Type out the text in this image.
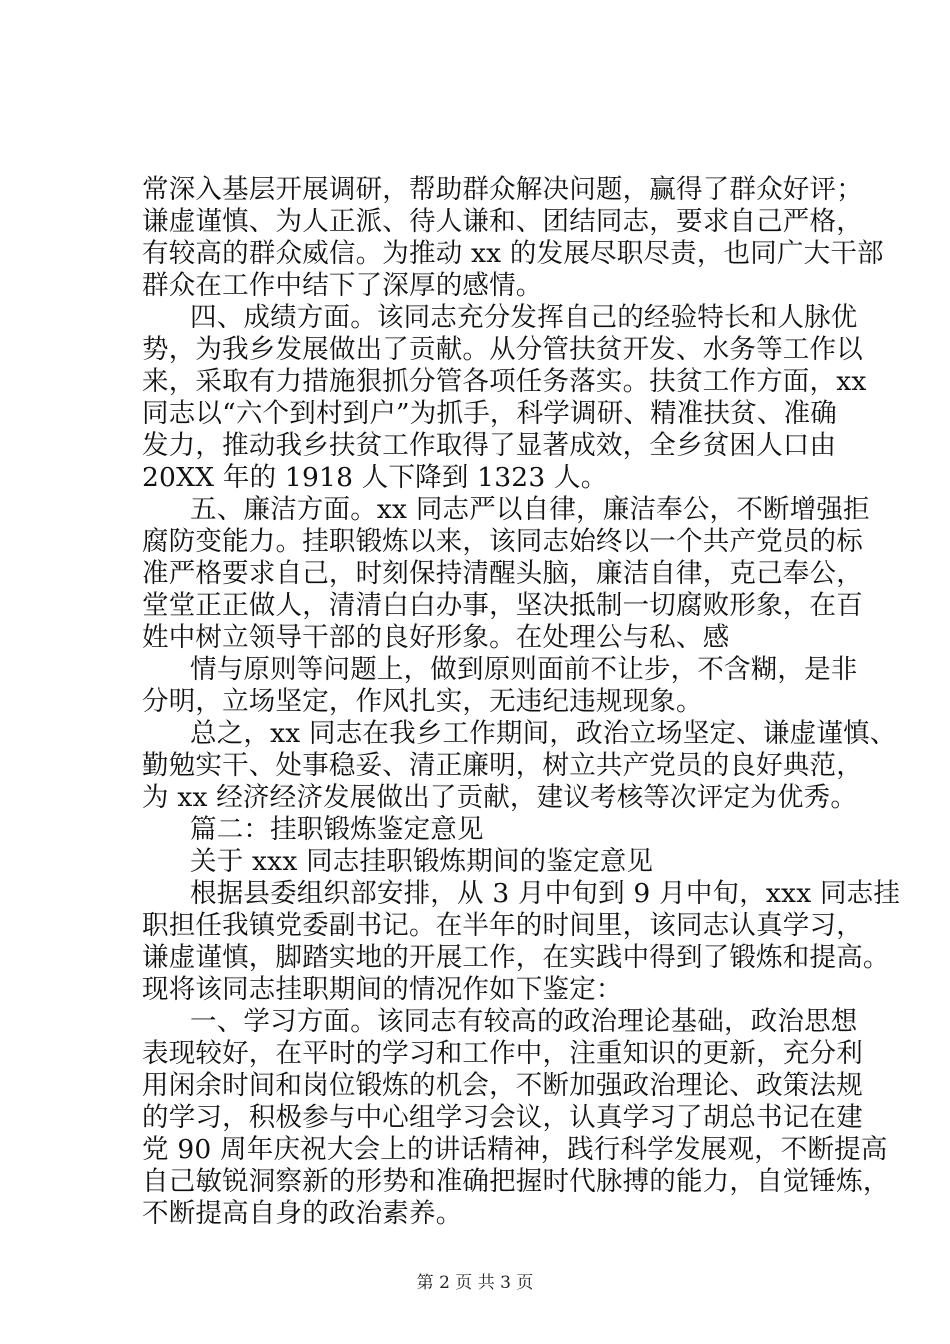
常深入基层开展调研，帮助群众解决问题，赢得了群众好评；
谦虚谨慎、为人正派、待人谦和、团结同志，要求自己严格，
有较高的群众威信。为推动 xx 的发展尽职尽责，也同广大干部
群众在工作中结下了深厚的感情。
四、成绩方面。该同志充分发挥自己的经验特长和人脉优
势，为我乡发展做出了贡献。从分管扶贫开发、水务等工作以
来，采取有力措施狠抓分管各项任务落实。扶贫工作方面，xx
同志以“六个到村到户”为抓手，科学调研、精准扶贫、准确
发力，推动我乡扶贫工作取得了显著成效，全乡贫困人口由
20XX 年的 1918 人下降到 1323 人。
五、廉洁方面。xx 同志严以自律，廉洁奉公，不断增强拒
腐防变能力。挂职锻炼以来，该同志始终以一个共产党员的标
准严格要求自己，时刻保持清醒头脑，廉洁自律，克己奉公，
堂堂正正做人，清清白白办事，坚决抵制一切腐败形象，在百
姓中树立领导干部的良好形象。在处理公与私、感
情与原则等问题上，做到原则面前不让步，不含糊，是非
分明，立场坚定，作风扎实，无违纪违规现象。
总之，xx 同志在我乡工作期间，政治立场坚定、谦虚谨慎、
勤勉实干、处事稳妥、清正廉明，树立共产党员的良好典范，
为 xx 经济经济发展做出了贡献，建议考核等次评定为优秀。
篇二：挂职锻炼鉴定意见
关于 xxx 同志挂职锻炼期间的鉴定意见
根据县委组织部安排，从 3 月中旬到 9 月中旬，xxx 同志挂
职担任我镇党委副书记。在半年的时间里，该同志认真学习，
谦虚谨慎，脚踏实地的开展工作，在实践中得到了锻炼和提高。
现将该同志挂职期间的情况作如下鉴定：
一、学习方面。该同志有较高的政治理论基础，政治思想
表现较好，在平时的学习和工作中，注重知识的更新，充分利
用闲余时间和岗位锻炼的机会，不断加强政治理论、政策法规
的学习，积极参与中心组学习会议，认真学习了胡总书记在建
党 90 周年庆祝大会上的讲话精神，践行科学发展观，不断提高
自己敏锐洞察新的形势和准确把握时代脉搏的能力，自觉锤炼，
不断提高自身的政治素养。
第 2 页 共 3 页
